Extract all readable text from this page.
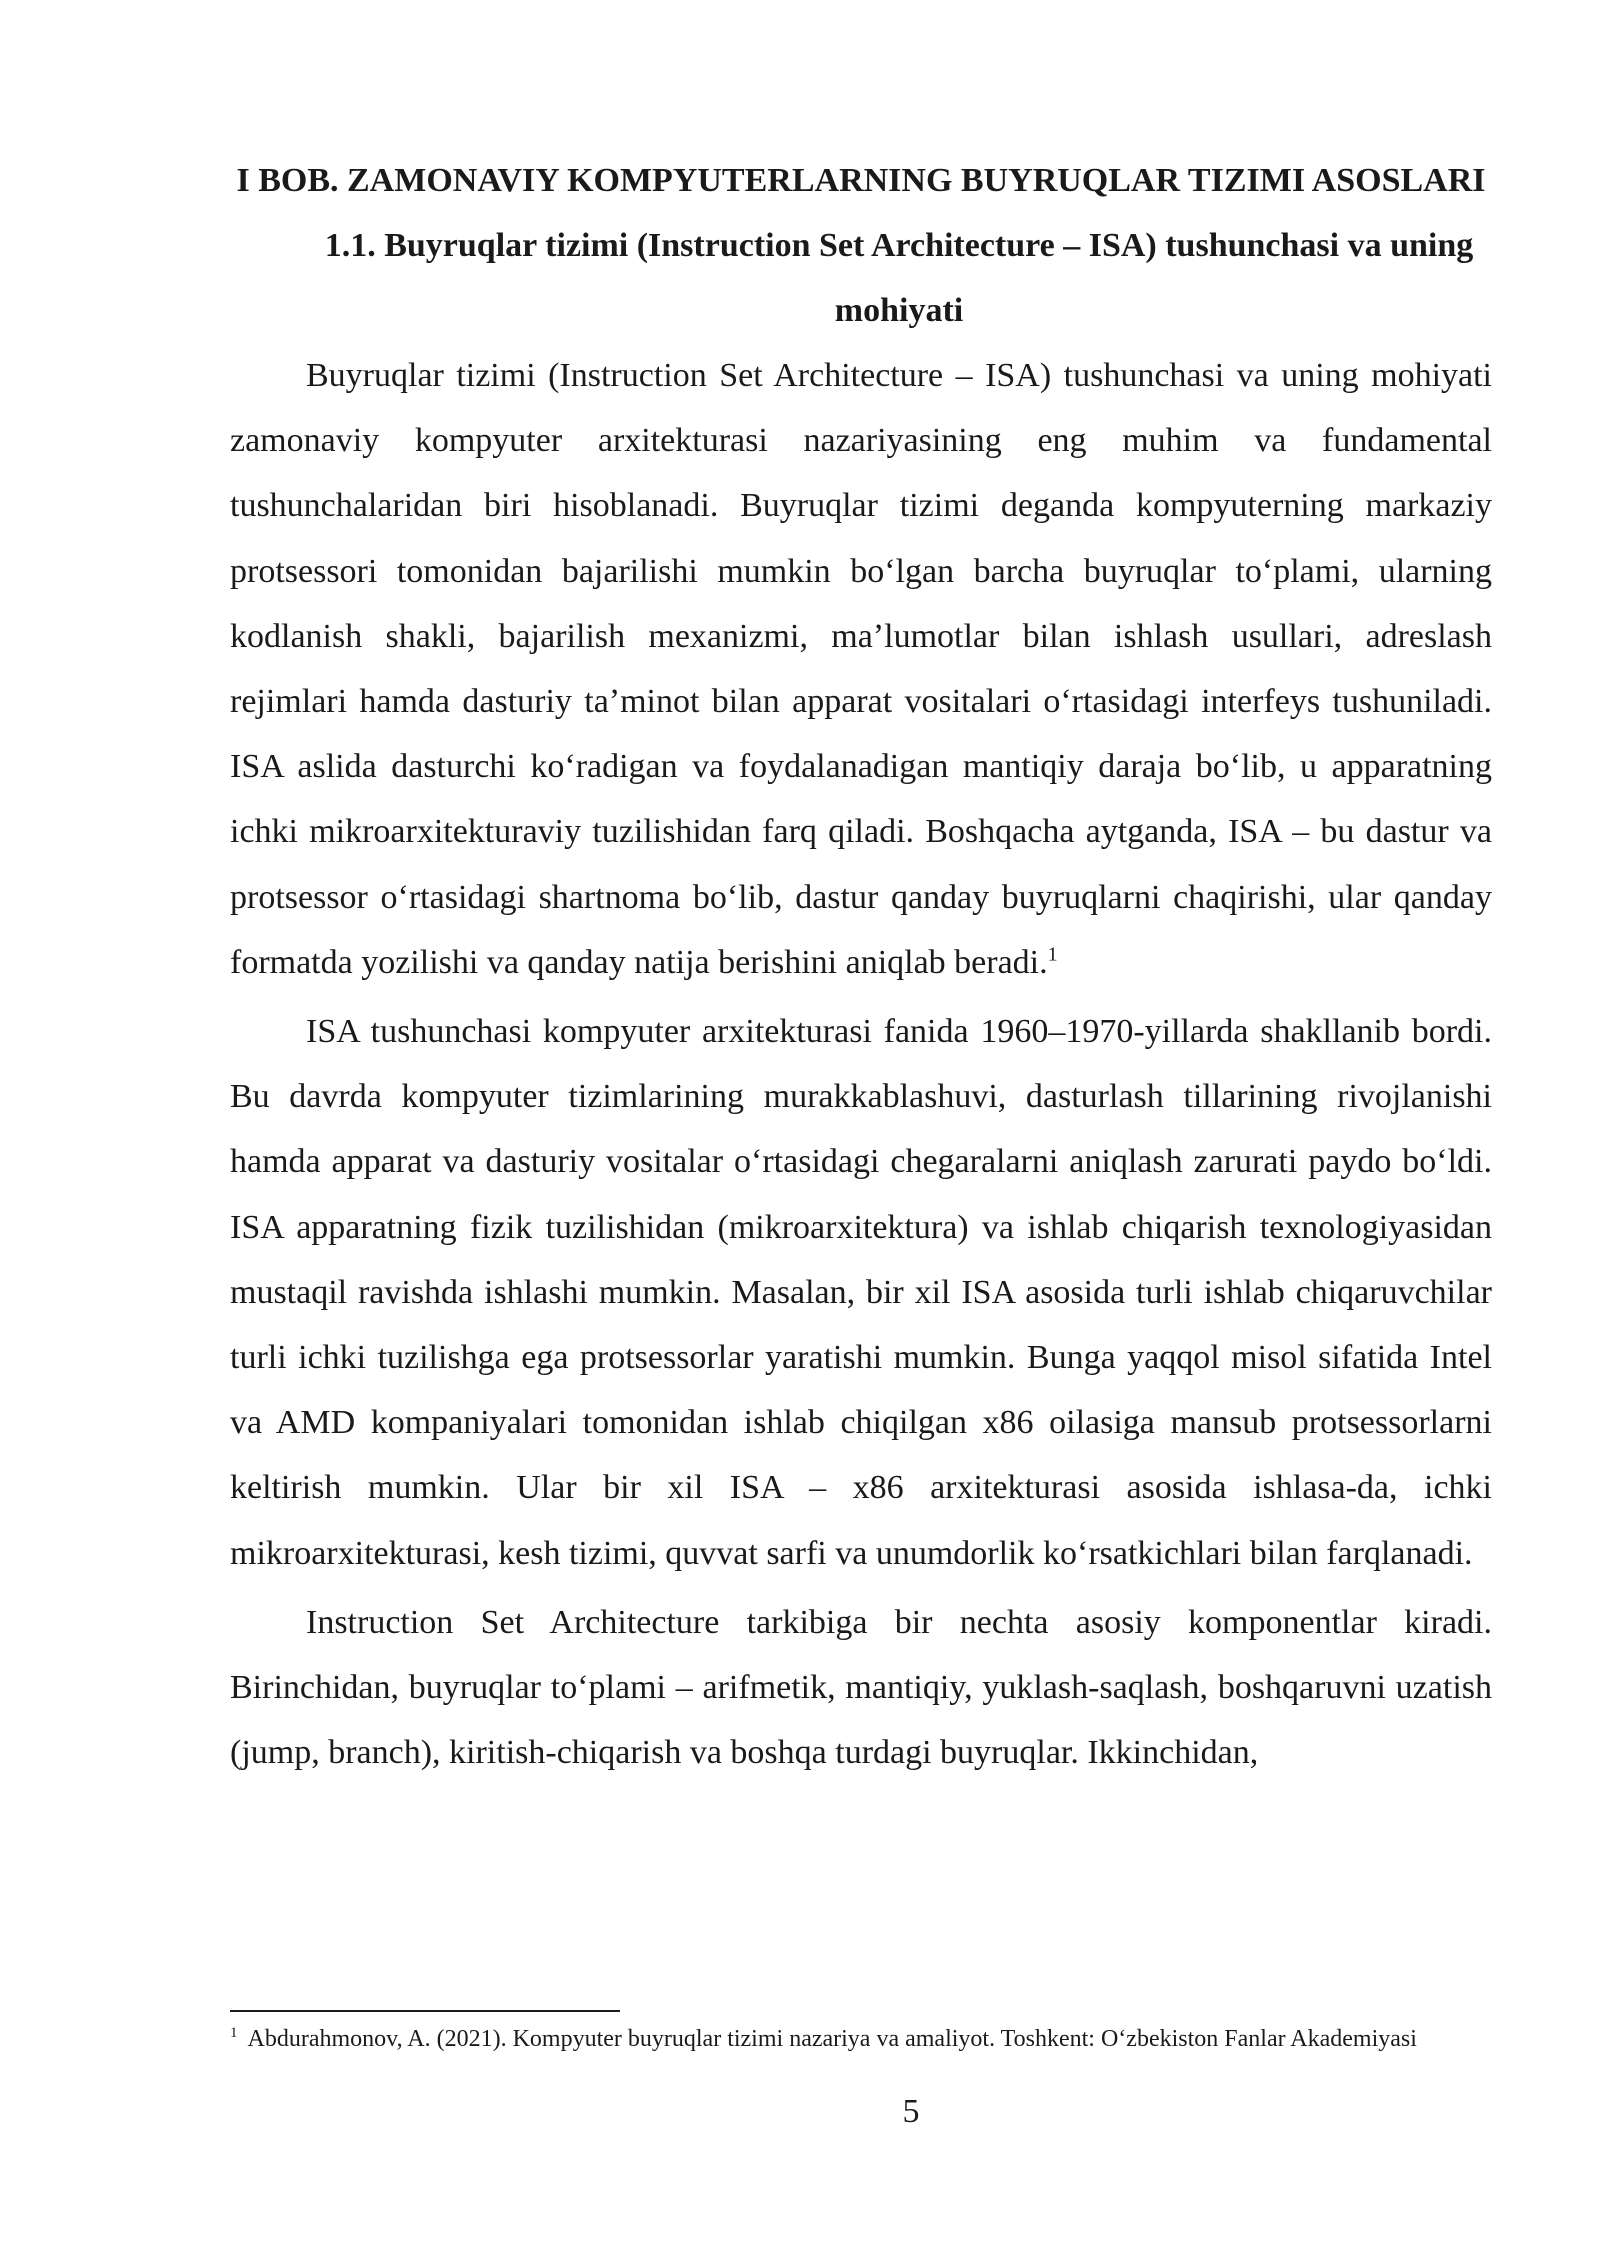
I BOB. ZAMONAVIY KOMPYUTERLARNING BUYRUQLAR TIZIMI ASOSLARI
1.1. Buyruqlar tizimi (Instruction Set Architecture – ISA) tushunchasi va uning mohiyati

Buyruqlar tizimi (Instruction Set Architecture – ISA) tushunchasi va uning mohiyati zamonaviy kompyuter arxitekturasi nazariyasining eng muhim va fundamental tushunchalaridan biri hisoblanadi. Buyruqlar tizimi deganda kompyuterning markaziy protsessori tomonidan bajarilishi mumkin boʻlgan barcha buyruqlar toʻplami, ularning kodlanish shakli, bajarilish mexanizmi, maʼlumotlar bilan ishlash usullari, adreslash rejimlari hamda dasturiy taʼminot bilan apparat vositalari oʻrtasidagi interfeys tushuniladi. ISA aslida dasturchi koʻradigan va foydalanadigan mantiqiy daraja boʻlib, u apparatning ichki mikroarxitekturaviy tuzilishidan farq qiladi. Boshqacha aytganda, ISA – bu dastur va protsessor oʻrtasidagi shartnoma boʻlib, dastur qanday buyruqlarni chaqirishi, ular qanday formatda yozilishi va qanday natija berishini aniqlab beradi.$^1$

ISA tushunchasi kompyuter arxitekturasi fanida 1960–1970-yillarda shakllanib bordi. Bu davrda kompyuter tizimlarining murakkablashuvi, dasturlash tillarining rivojlanishi hamda apparat va dasturiy vositalar oʻrtasidagi chegaralarni aniqlash zarurati paydo boʻldi. ISA apparatning fizik tuzilishidan (mikroarxitektura) va ishlab chiqarish texnologiyasidan mustaqil ravishda ishlashi mumkin. Masalan, bir xil ISA asosida turli ishlab chiqaruvchilar turli ichki tuzilishga ega protsessorlar yaratishi mumkin. Bunga yaqqol misol sifatida Intel va AMD kompaniyalari tomonidan ishlab chiqilgan x86 oilasiga mansub protsessorlarni keltirish mumkin. Ular bir xil ISA – x86 arxitekturasi asosida ishlasa-da, ichki mikroarxitekturasi, kesh tizimi, quvvat sarfi va unumdorlik koʻrsatkichlari bilan farqlanadi.

Instruction Set Architecture tarkibiga bir nechta asosiy komponentlar kiradi. Birinchidan, buyruqlar toʻplami – arifmetik, mantiqiy, yuklash-saqlash, boshqaruvni uzatish (jump, branch), kiritish-chiqarish va boshqa turdagi buyruqlar. Ikkinchidan,

$^1$ Abdurahmonov, A. (2021). Kompyuter buyruqlar tizimi nazariya va amaliyot. Toshkent: Oʻzbekiston Fanlar Akademiyasi

5
